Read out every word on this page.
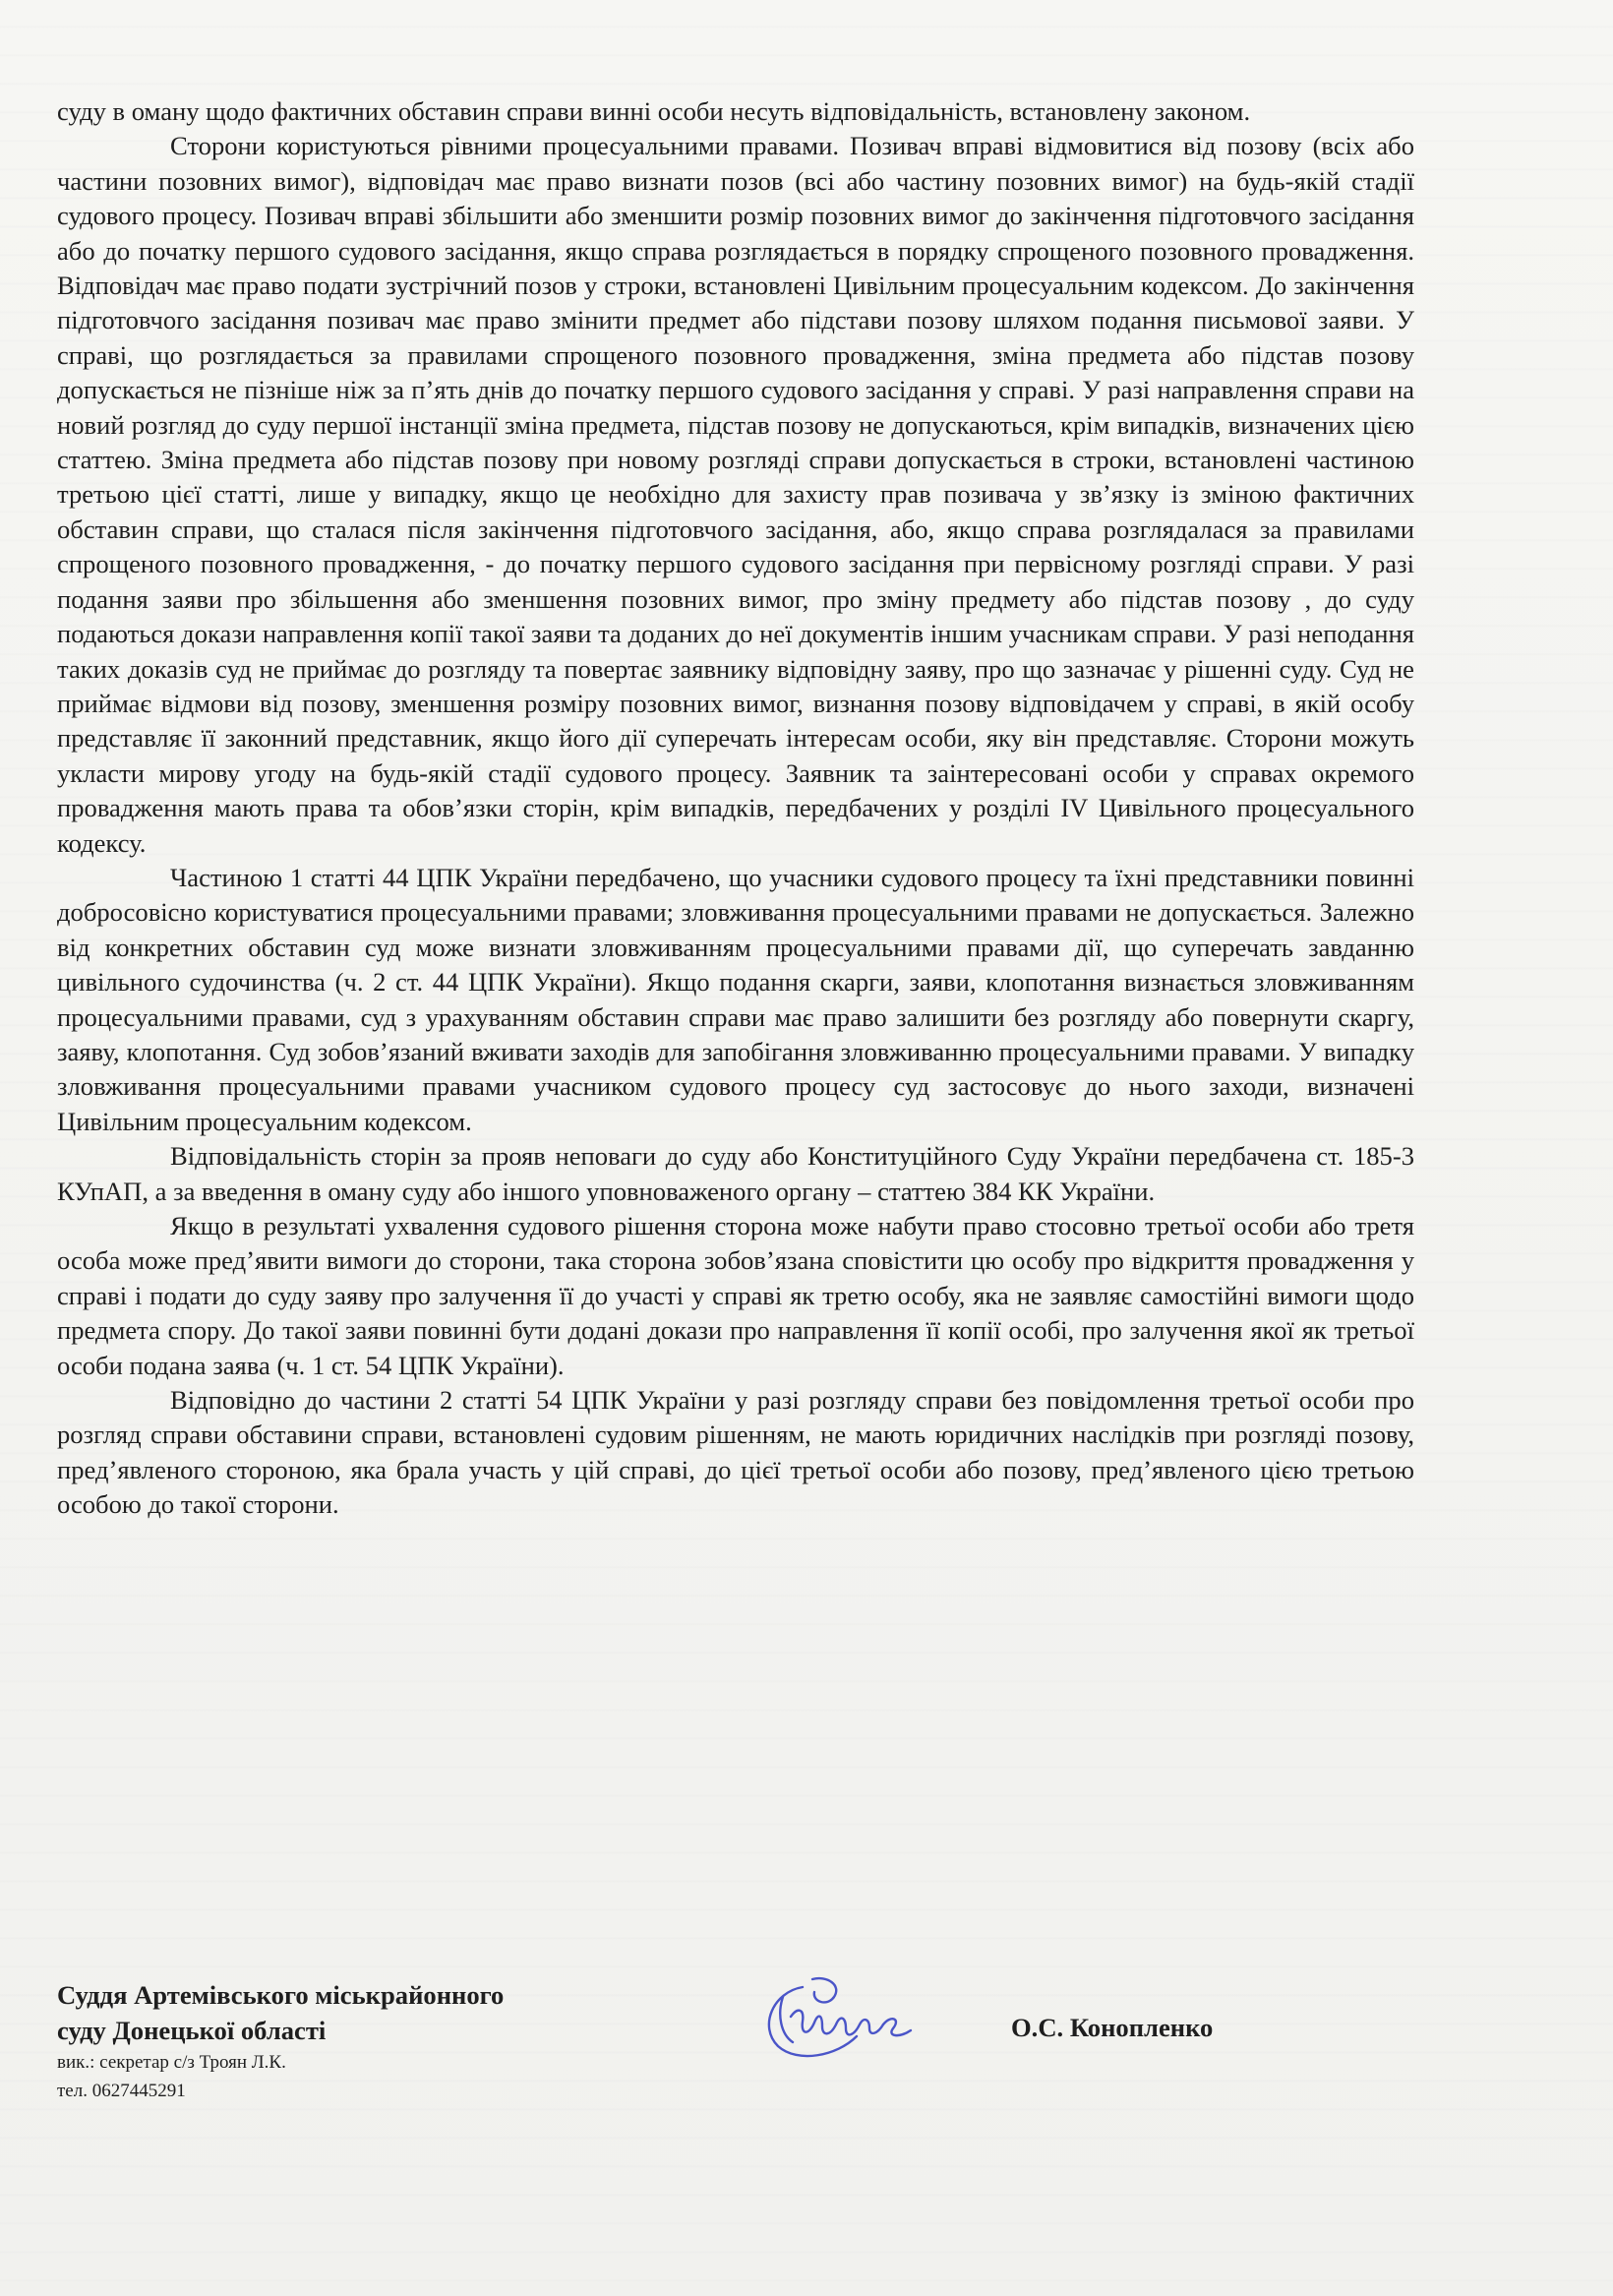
суду в оману щодо фактичних обставин справи винні особи несуть відповідальність, встановлену законом.

Сторони користуються рівними процесуальними правами. Позивач вправі відмовитися від позову (всіх або частини позовних вимог), відповідач має право визнати позов (всі або частину позовних вимог) на будь-якій стадії судового процесу. Позивач вправі збільшити або зменшити розмір позовних вимог до закінчення підготовчого засідання або до початку першого судового засідання, якщо справа розглядається в порядку спрощеного позовного провадження. Відповідач має право подати зустрічний позов у строки, встановлені Цивільним процесуальним кодексом. До закінчення підготовчого засідання позивач має право змінити предмет або підстави позову шляхом подання письмової заяви. У справі, що розглядається за правилами спрощеного позовного провадження, зміна предмета або підстав позову допускається не пізніше ніж за п’ять днів до початку першого судового засідання у справі. У разі направлення справи на новий розгляд до суду першої інстанції зміна предмета, підстав позову не допускаються, крім випадків, визначених цією статтею. Зміна предмета або підстав позову при новому розгляді справи допускається в строки, встановлені частиною третьою цієї статті, лише у випадку, якщо це необхідно для захисту прав позивача у зв’язку із зміною фактичних обставин справи, що сталася після закінчення підготовчого засідання, або, якщо справа розглядалася за правилами спрощеного позовного провадження, - до початку першого судового засідання при первісному розгляді справи. У разі подання заяви про збільшення або зменшення позовних вимог, про зміну предмету або підстав позову , до суду подаються докази направлення копії такої заяви та доданих до неї документів іншим учасникам справи. У разі неподання таких доказів суд не приймає до розгляду та повертає заявнику відповідну заяву, про що зазначає у рішенні суду. Суд не приймає відмови від позову, зменшення розміру позовних вимог, визнання позову відповідачем у справі, в якій особу представляє її законний представник, якщо його дії суперечать інтересам особи, яку він представляє. Сторони можуть укласти мирову угоду на будь-якій стадії судового процесу. Заявник та заінтересовані особи у справах окремого провадження мають права та обов’язки сторін, крім випадків, передбачених у розділі IV Цивільного процесуального кодексу.

Частиною 1 статті 44 ЦПК України передбачено, що учасники судового процесу та їхні представники повинні добросовісно користуватися процесуальними правами; зловживання процесуальними правами не допускається. Залежно від конкретних обставин суд може визнати зловживанням процесуальними правами дії, що суперечать завданню цивільного судочинства (ч. 2 ст. 44 ЦПК України). Якщо подання скарги, заяви, клопотання визнається зловживанням процесуальними правами, суд з урахуванням обставин справи має право залишити без розгляду або повернути скаргу, заяву, клопотання. Суд зобов’язаний вживати заходів для запобігання зловживанню процесуальними правами. У випадку зловживання процесуальними правами учасником судового процесу суд застосовує до нього заходи, визначені Цивільним процесуальним кодексом.

Відповідальність сторін за прояв неповаги до суду або Конституційного Суду України передбачена ст. 185-3 КУпАП, а за введення в оману суду або іншого уповноваженого органу – статтею 384 КК України.

Якщо в результаті ухвалення судового рішення сторона може набути право стосовно третьої особи або третя особа може пред’явити вимоги до сторони, така сторона зобов’язана сповістити цю особу про відкриття провадження у справі і подати до суду заяву про залучення її до участі у справі як третю особу, яка не заявляє самостійні вимоги щодо предмета спору. До такої заяви повинні бути додані докази про направлення її копії особі, про залучення якої як третьої особи подана заява (ч. 1 ст. 54 ЦПК України).

Відповідно до частини 2 статті 54 ЦПК України у разі розгляду справи без повідомлення третьої особи про розгляд справи обставини справи, встановлені судовим рішенням, не мають юридичних наслідків при розгляді позову, пред’явленого стороною, яка брала участь у цій справі, до цієї третьої особи або позову, пред’явленого цією третьою особою до такої сторони.

Суддя Артемівського міськрайонного

суду Донецької області

вик.: секретар с/з Троян Л.К.

тел. 0627445291

О.С. Конопленко
